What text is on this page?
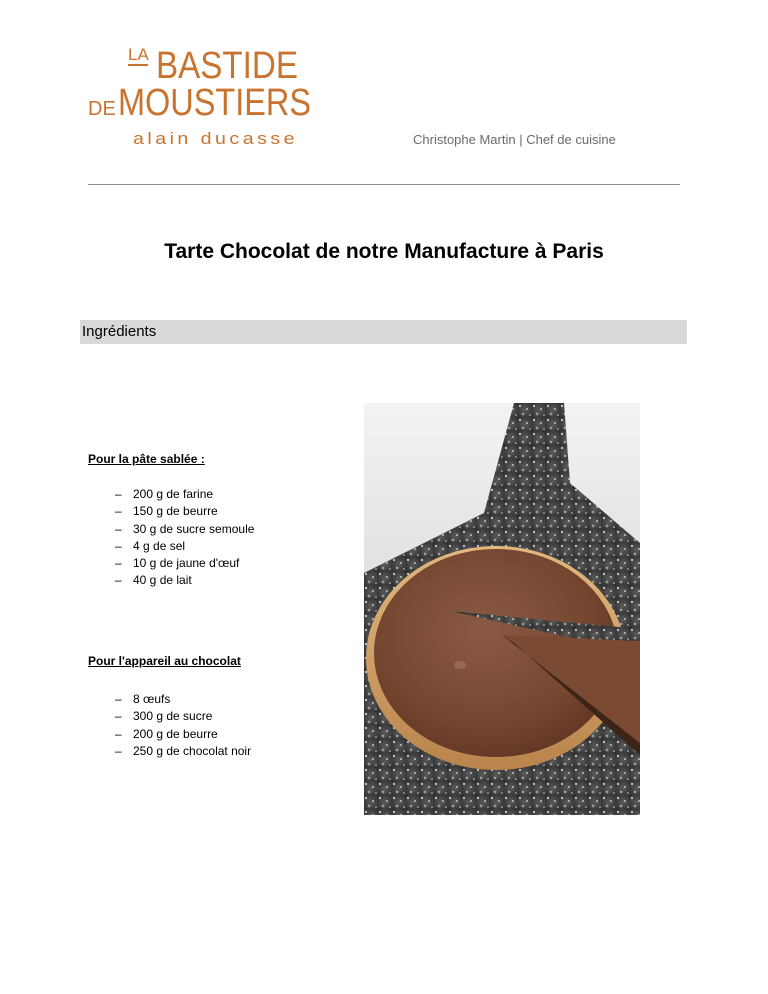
LA BASTIDE
DE MOUSTIERS
alain ducasse	Christophe Martin | Chef de cuisine
Tarte Chocolat de notre Manufacture à Paris
Ingrédients
Pour la pâte sablée :
– 200 g de farine
– 150 g de beurre
– 30 g de sucre semoule
– 4 g de sel
– 10 g de jaune d'œuf
– 40 g de lait
Pour l'appareil au chocolat
– 8 œufs
– 300 g de sucre
– 200 g de beurre
– 250 g de chocolat noir
